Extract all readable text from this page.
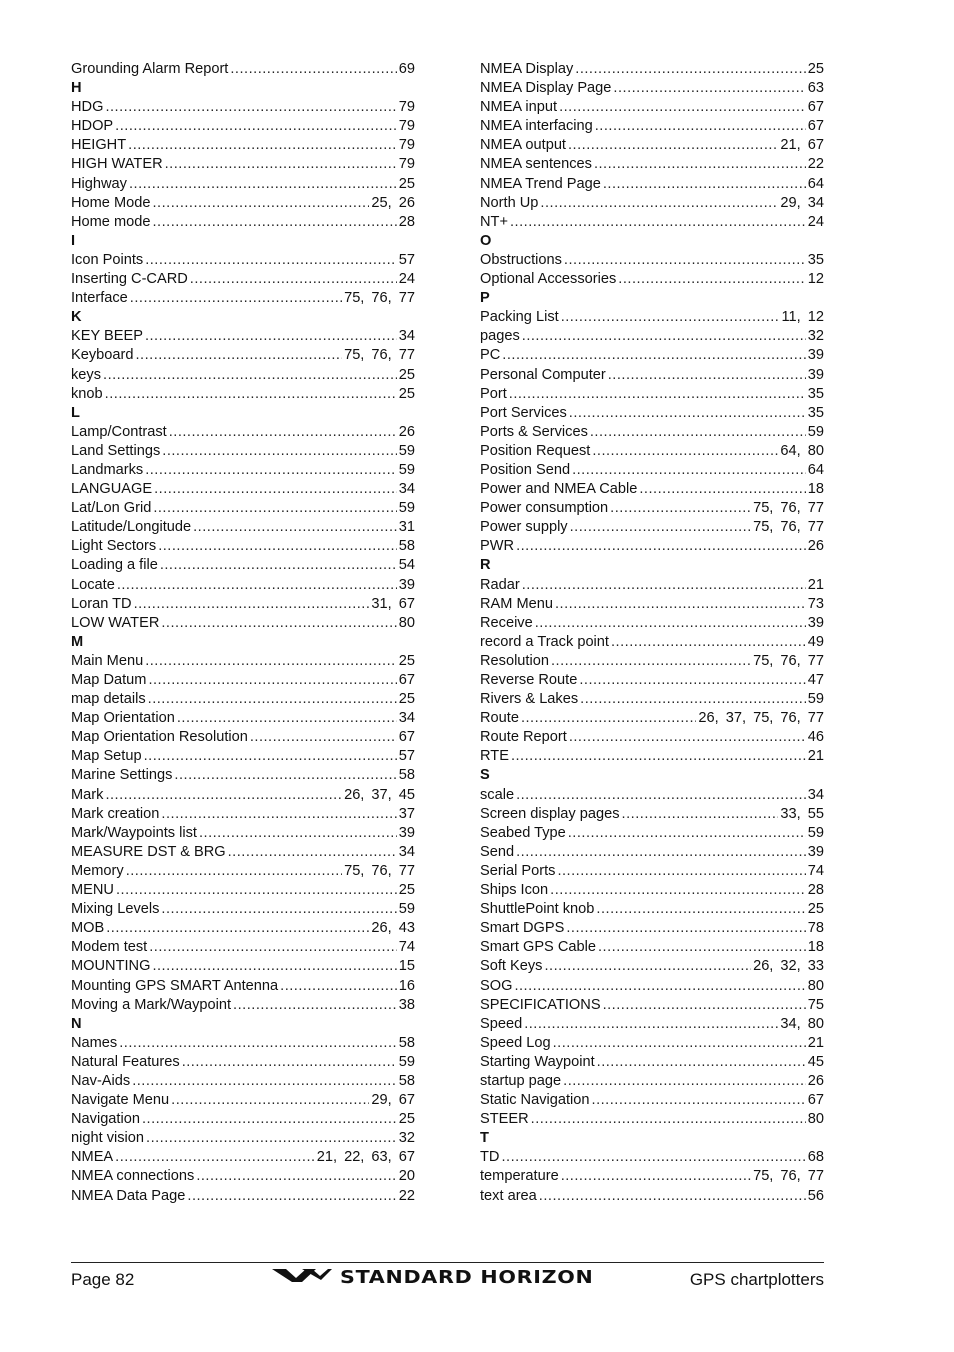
Grounding Alarm Report .....	69
H
HDG .....	79
HDOP .....	79
HEIGHT .....	79
HIGH WATER .....	79
Highway .....	25
Home Mode .....	25, 26
Home mode .....	28
I
Icon Points .....	57
Inserting C-CARD .....	24
Interface .....	75, 76, 77
K
KEY BEEP .....	34
Keyboard .....	75, 76, 77
keys .....	25
knob .....	25
L
Lamp/Contrast .....	26
Land Settings .....	59
Landmarks .....	59
LANGUAGE .....	34
Lat/Lon Grid .....	59
Latitude/Longitude .....	31
Light Sectors .....	58
Loading a file .....	54
Locate .....	39
Loran TD .....	31, 67
LOW WATER .....	80
M
Main Menu .....	25
Map Datum .....	67
map details .....	25
Map Orientation .....	34
Map Orientation Resolution .....	67
Map Setup .....	57
Marine Settings .....	58
Mark .....	26, 37, 45
Mark creation .....	37
Mark/Waypoints list .....	39
MEASURE DST & BRG .....	34
Memory .....	75, 76, 77
MENU .....	25
Mixing Levels .....	59
MOB .....	26, 43
Modem test .....	74
MOUNTING .....	15
Mounting GPS SMART Antenna .....	16
Moving a Mark/Waypoint .....	38
N
Names .....	58
Natural Features .....	59
Nav-Aids .....	58
Navigate Menu .....	29, 67
Navigation .....	25
night vision .....	32
NMEA .....	21, 22, 63, 67
NMEA connections .....	20
NMEA Data Page .....	22
NMEA Display .....	25
NMEA Display Page .....	63
NMEA input .....	67
NMEA interfacing .....	67
NMEA output .....	21, 67
NMEA sentences .....	22
NMEA Trend Page .....	64
North Up .....	29, 34
NT+ .....	24
O
Obstructions .....	35
Optional Accessories .....	12
P
Packing List .....	11, 12
pages .....	32
PC .....	39
Personal Computer .....	39
Port .....	35
Port Services .....	35
Ports & Services .....	59
Position Request .....	64, 80
Position Send .....	64
Power and NMEA Cable .....	18
Power consumption .....	75, 76, 77
Power supply .....	75, 76, 77
PWR .....	26
R
Radar .....	21
RAM Menu .....	73
Receive .....	39
record a Track point .....	49
Resolution .....	75, 76, 77
Reverse Route .....	47
Rivers & Lakes .....	59
Route .....	26, 37, 75, 76, 77
Route Report .....	46
RTE .....	21
S
scale .....	34
Screen display pages .....	33, 55
Seabed Type .....	59
Send .....	39
Serial Ports .....	74
Ships Icon .....	28
ShuttlePoint knob .....	25
Smart DGPS .....	78
Smart GPS Cable .....	18
Soft Keys .....	26, 32, 33
SOG .....	80
SPECIFICATIONS .....	75
Speed .....	34, 80
Speed Log .....	21
Starting Waypoint .....	45
startup page .....	26
Static Navigation .....	67
STEER .....	80
T
TD .....	68
temperature .....	75, 76, 77
text area .....	56
Page 82	STANDARD HORIZON	GPS chartplotters
